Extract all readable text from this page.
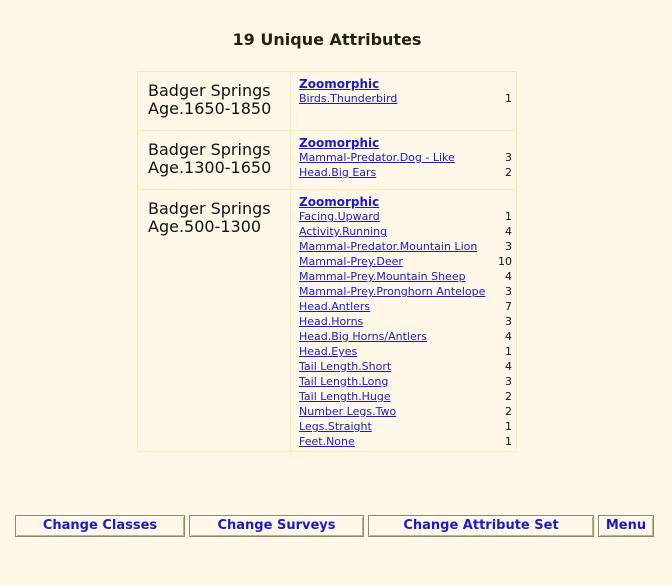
19 Unique Attributes
Badger Springs
Age.1650-1850
Zoomorphic
Birds.Thunderbird	1
Badger Springs
Age.1300-1650
Zoomorphic
Mammal-Predator.Dog - Like	3
Head.Big Ears	2
Badger Springs
Age.500-1300
Zoomorphic
Facing.Upward	1
Activity.Running	4
Mammal-Predator.Mountain Lion	3
Mammal-Prey.Deer	10
Mammal-Prey.Mountain Sheep	4
Mammal-Prey.Pronghorn Antelope 3
Head.Antlers	7
Head.Horns	3
Head.Big Horns/Antlers	4
Head.Eyes	1
Tail Length.Short	4
Tail Length.Long	3
Tail Length.Huge	2
Number Legs.Two	2
Legs.Straight	1
Feet.None	1
Change Classes	Change Surveys	Change Attribute Set	Menu
